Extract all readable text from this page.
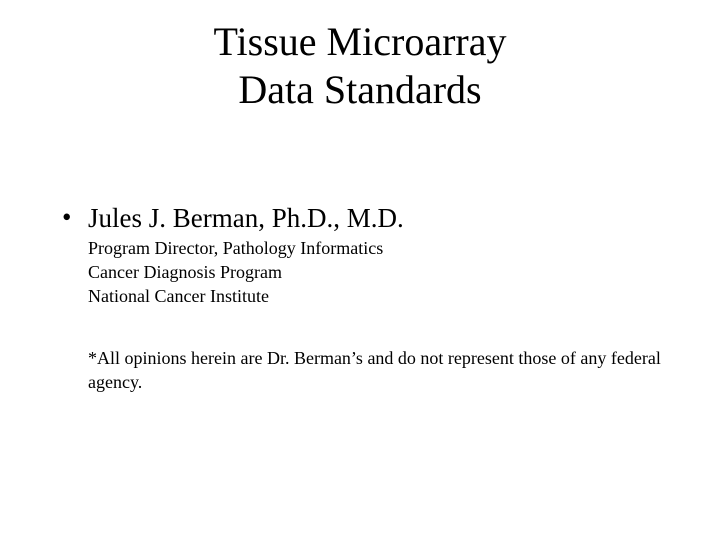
Tissue Microarray
Data Standards
• Jules J. Berman, Ph.D., M.D.
Program Director, Pathology Informatics
Cancer Diagnosis Program
National Cancer Institute
*All opinions herein are Dr. Berman’s and do not represent those of any federal agency.
